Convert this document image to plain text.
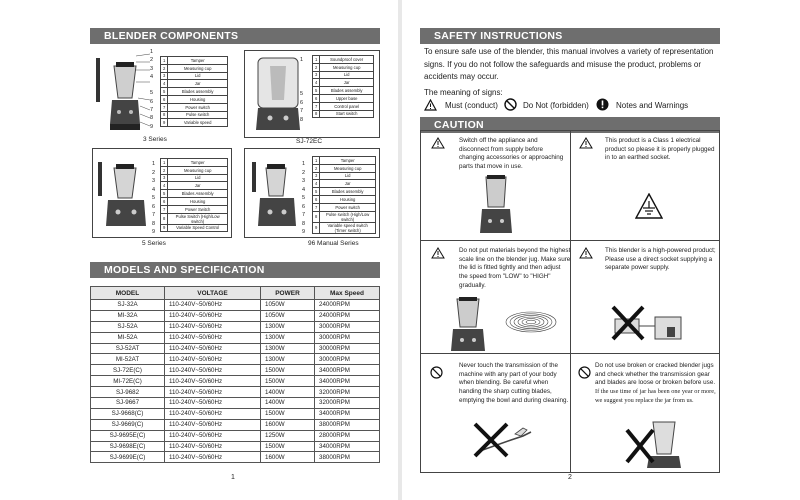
BLENDER COMPONENTS
1
2
3
4

5
6
7
8
9
1	Tamper
2	Measuring cup
3	Lid
4	Jar
5	Blades assembly
6	Housing
7	Power switch
8	Pulse switch
9	Variable speed
3 Series
1

5
6
7
8
1	Soundproof cover
2	Measuring cup
3	Lid
4	Jar
5	Blades assembly
6	Upper base
7	Control panel
8	Start switch
SJ-72EC
1
2
3
4
5
6
7
8
9
1	Tamper
2	Measuring cup
3	Lid
4	Jar
5	Blades Assembly
6	Housing
7	Power Switch
8	Pulse Switch (High/Low switch)
9	Variable Speed Control
5 Series
1
2
3
4
5
6
7
8
9
1	Tamper
2	Measuring cup
3	Lid
4	Jar
5	Blades assembly
6	Housing
7	Power switch
8	Pulse switch (High/Low switch)
9	Variable speed switch (Timer switch)
96 Manual Series
MODELS AND SPECIFICATION
MODEL	VOLTAGE	POWER	Max Speed
SJ-32A	110-240V~50/60Hz	1050W	24000RPM
MI-32A	110-240V~50/60Hz	1050W	24000RPM
SJ-52A	110-240V~50/60Hz	1300W	30000RPM
MI-52A	110-240V~50/60Hz	1300W	30000RPM
SJ-52AT	110-240V~50/60Hz	1300W	30000RPM
MI-52AT	110-240V~50/60Hz	1300W	30000RPM
SJ-72E(C)	110-240V~50/60Hz	1500W	34000RPM
MI-72E(C)	110-240V~50/60Hz	1500W	34000RPM
SJ-9682	110-240V~50/60Hz	1400W	32000RPM
SJ-9667	110-240V~50/60Hz	1400W	32000RPM
SJ-9668(C)	110-240V~50/60Hz	1500W	34000RPM
SJ-9669(C)	110-240V~50/60Hz	1600W	38000RPM
SJ-9695E(C)	110-240V~50/60Hz	1250W	28000RPM
SJ-9698E(C)	110-240V~50/60Hz	1500W	34000RPM
SJ-9699E(C)	110-240V~50/60Hz	1600W	38000RPM
1
SAFETY INSTRUCTIONS
To ensure safe use of the blender, this manual involves a variety of representation signs. If you do not follow the safeguards and misuse the product, problems or accidents may occur.
The meaning of signs:
Must (conduct)	Do Not (forbidden)	Notes and Warnings
CAUTION
Switch off the appliance and disconnect from supply before changing accessories or approaching parts that move in use.
This product is a Class 1 electrical product so please it is properly plugged in to an earthed socket.
Do not put materials beyond the highest scale line on the blender jug. Make sure the lid is fitted tightly and then adjust the speed from "LOW" to "HIGH" gradually.
This blender is a high-powered product; Please use a direct socket supplying a separate power supply.
Never touch the transmission of the machine with any part of your body when blending. Be careful when handing the sharp cutting blades, emptying the bowl and during cleaning.
Do not use broken or cracked blender jugs and check whether the transmission gear and blades are loose or broken before use. If the use time of jar has been one year or more, we suggest you replace the jar from us.
2
